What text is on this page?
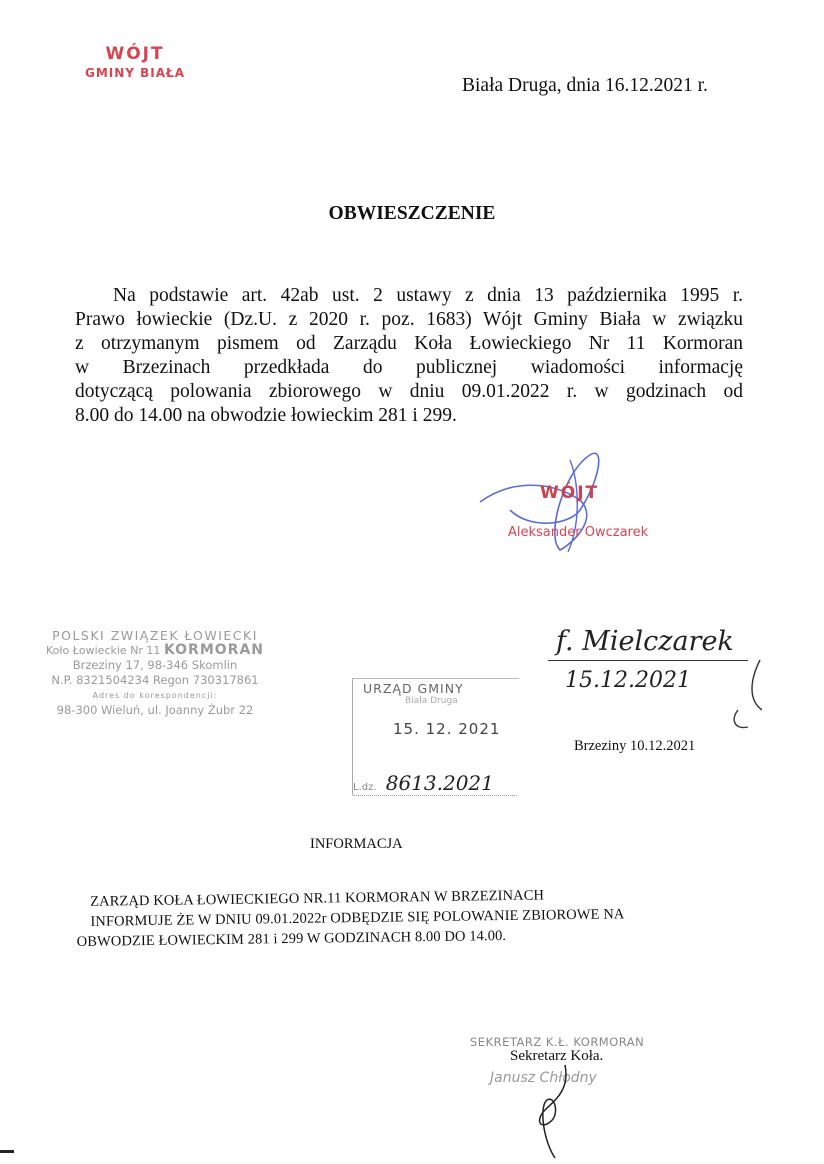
WÓJT
GMINY BIAŁA
Biała Druga, dnia 16.12.2021 r.
OBWIESZCZENIE
Na podstawie art. 42ab ust. 2 ustawy z dnia 13 października 1995 r.
Prawo łowieckie (Dz.U. z 2020 r. poz. 1683) Wójt Gminy Biała w związku
z otrzymanym pismem od Zarządu Koła Łowieckiego Nr 11 Kormoran
w Brzezinach przedkłada do publicznej wiadomości informację
dotyczącą polowania zbiorowego w dniu 09.01.2022 r. w godzinach od
8.00 do 14.00 na obwodzie łowieckim 281 i 299.
WÓJT
Aleksander Owczarek
POLSKI ZWIĄZEK ŁOWIECKI
Koło Łowieckie Nr 11 KORMORAN
Brzeziny 17, 98-346 Skomlin
N.P. 8321504234 Regon 730317861
Adres do korespondencji:
98-300 Wieluń, ul. Joanny Żubr 22
URZĄD GMINY
Biała Druga
15. 12. 2021
L.dz. 8613.2021
f. Mielczarek
15.12.2021
Brzeziny 10.12.2021
INFORMACJA
ZARZĄD KOŁA ŁOWIECKIEGO NR.11 KORMORAN W BRZEZINACH
INFORMUJE ŻE W DNIU 09.01.2022r ODBĘDZIE SIĘ POLOWANIE ZBIOROWE NA
OBWODZIE ŁOWIECKIM 281 i 299 W GODZINACH 8.00 DO 14.00.
SEKRETARZ K.Ł. KORMORAN
Sekretarz Koła.
Janusz Chłodny
